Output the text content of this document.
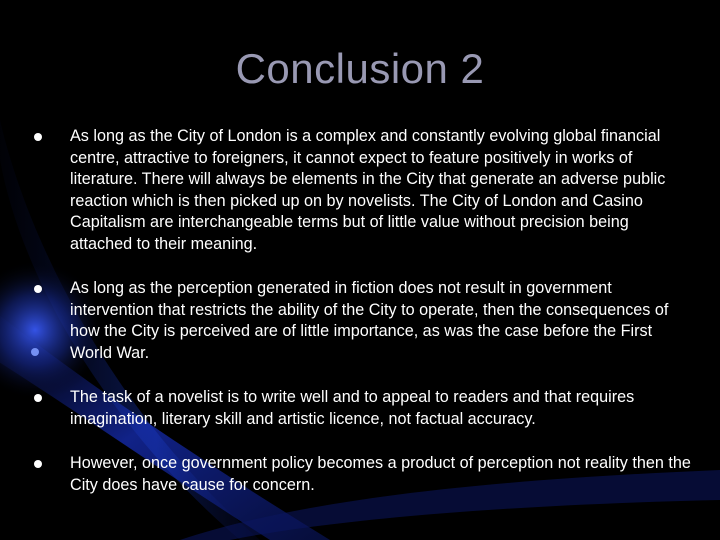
Conclusion 2
As long as the City of London is a complex and constantly evolving global financial centre, attractive to foreigners, it cannot expect to feature positively in works of literature. There will always be elements in the City that generate an adverse public reaction which is then picked up on by novelists. The City of London and Casino Capitalism are interchangeable terms but of little value without precision being attached to their meaning.
As long as the perception generated in fiction does not result in government intervention that restricts the ability of the City to operate, then the consequences of how the City is perceived are of little importance, as was the case before the First World War.
The task of a novelist is to write well and to appeal to readers and that requires imagination, literary skill and artistic licence, not factual accuracy.
However, once government policy becomes a product of perception not reality then the City does have cause for concern.
